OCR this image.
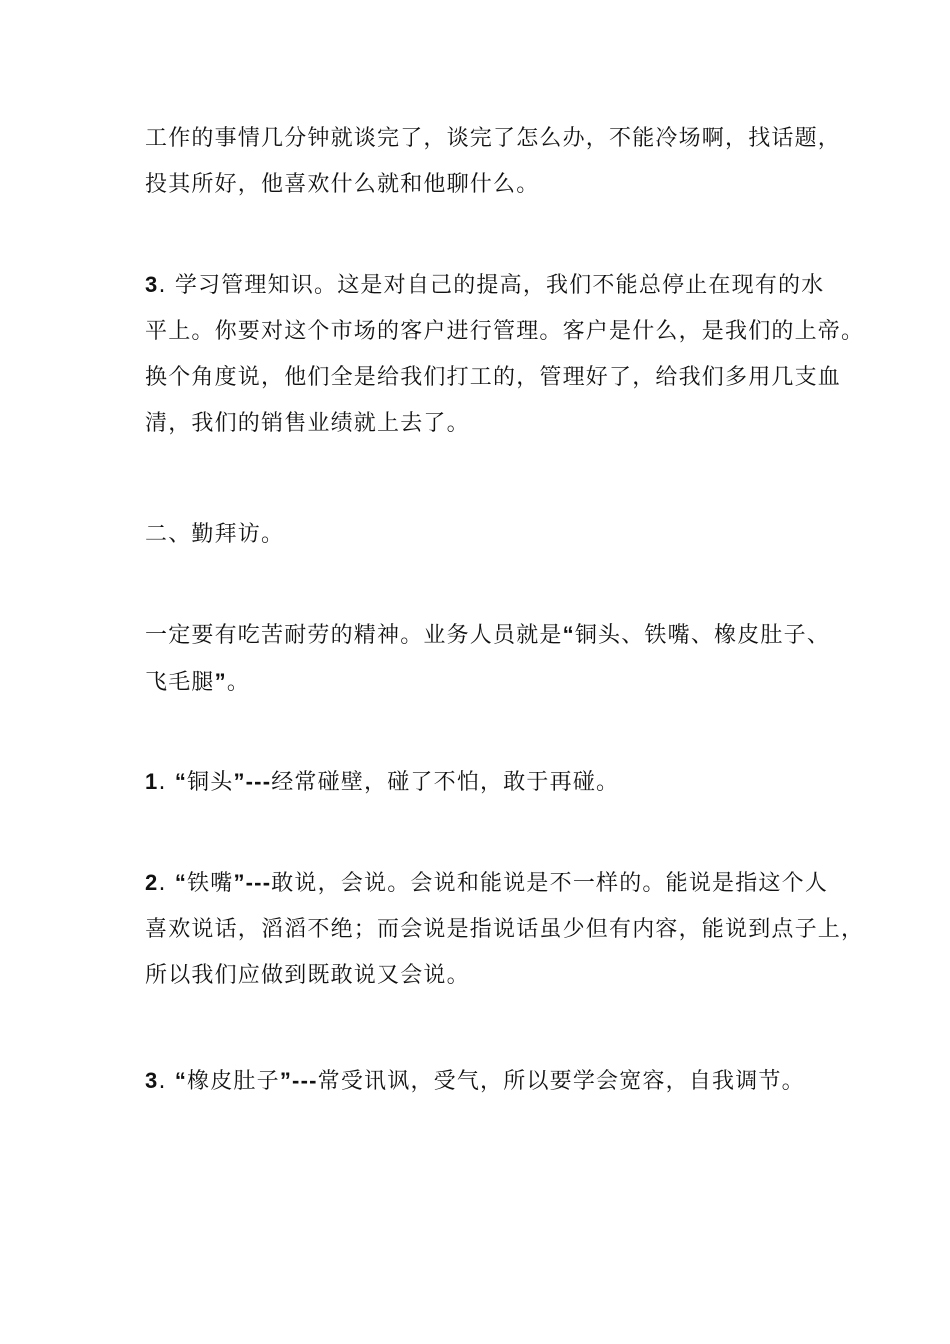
工作的事情几分钟就谈完了，谈完了怎么办，不能冷场啊，找话题，
投其所好，他喜欢什么就和他聊什么。
3. 学习管理知识。这是对自己的提高，我们不能总停止在现有的水
平上。你要对这个市场的客户进行管理。客户是什么，是我们的上帝。
换个角度说，他们全是给我们打工的，管理好了，给我们多用几支血
清，我们的销售业绩就上去了。
二、勤拜访。
一定要有吃苦耐劳的精神。业务人员就是“铜头、铁嘴、橡皮肚子、
飞毛腿”。
1. “铜头”---经常碰壁，碰了不怕，敢于再碰。
2. “铁嘴”---敢说，会说。会说和能说是不一样的。能说是指这个人
喜欢说话，滔滔不绝；而会说是指说话虽少但有内容，能说到点子上，
所以我们应做到既敢说又会说。
3. “橡皮肚子”---常受讯讽，受气，所以要学会宽容，自我调节。
